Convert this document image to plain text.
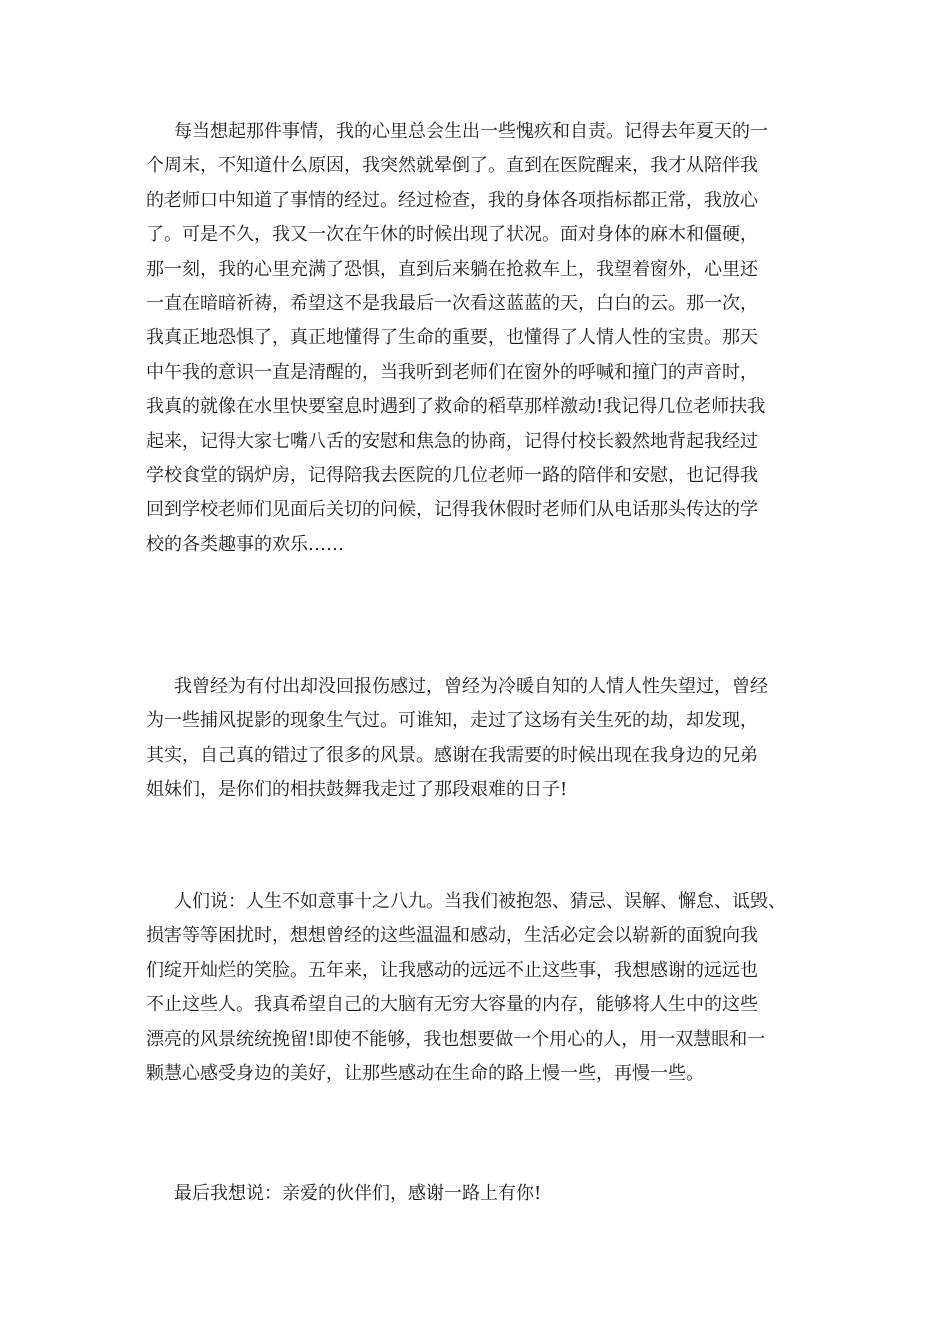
每当想起那件事情，我的心里总会生出一些愧疚和自责。记得去年夏天的一
个周末，不知道什么原因，我突然就晕倒了。直到在医院醒来，我才从陪伴我
的老师口中知道了事情的经过。经过检查，我的身体各项指标都正常，我放心
了。可是不久，我又一次在午休的时候出现了状况。面对身体的麻木和僵硬，
那一刻，我的心里充满了恐惧，直到后来躺在抢救车上，我望着窗外，心里还
一直在暗暗祈祷，希望这不是我最后一次看这蓝蓝的天，白白的云。那一次，
我真正地恐惧了，真正地懂得了生命的重要，也懂得了人情人性的宝贵。那天
中午我的意识一直是清醒的，当我听到老师们在窗外的呼喊和撞门的声音时，
我真的就像在水里快要窒息时遇到了救命的稻草那样激动!我记得几位老师扶我
起来，记得大家七嘴八舌的安慰和焦急的协商，记得付校长毅然地背起我经过
学校食堂的锅炉房，记得陪我去医院的几位老师一路的陪伴和安慰，也记得我
回到学校老师们见面后关切的问候，记得我休假时老师们从电话那头传达的学
校的各类趣事的欢乐……

我曾经为有付出却没回报伤感过，曾经为冷暖自知的人情人性失望过，曾经
为一些捕风捉影的现象生气过。可谁知，走过了这场有关生死的劫，却发现，
其实，自己真的错过了很多的风景。感谢在我需要的时候出现在我身边的兄弟
姐妹们，是你们的相扶鼓舞我走过了那段艰难的日子!

人们说：人生不如意事十之八九。当我们被抱怨、猜忌、误解、懈怠、诋毁、
损害等等困扰时，想想曾经的这些温温和感动，生活必定会以崭新的面貌向我
们绽开灿烂的笑脸。五年来，让我感动的远远不止这些事，我想感谢的远远也
不止这些人。我真希望自己的大脑有无穷大容量的内存，能够将人生中的这些
漂亮的风景统统挽留!即使不能够，我也想要做一个用心的人，用一双慧眼和一
颗慧心感受身边的美好，让那些感动在生命的路上慢一些，再慢一些。

最后我想说：亲爱的伙伴们，感谢一路上有你!
